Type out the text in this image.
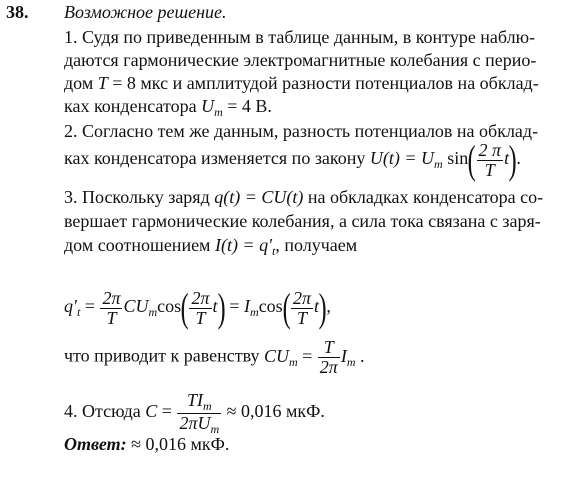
38. Возможное решение.
1. Судя по приведенным в таблице данным, в контуре наблю-
даются гармонические электромагнитные колебания с перио-
дом T = 8 мкс и амплитудой разности потенциалов на обклад-
ках конденсатора $U_m = 4$ В.
2. Согласно тем же данным, разность потенциалов на обклад-
ках конденсатора изменяется по закону $U(t) = U_m$ $\sin( \frac{2 \pi}{T} t)$.
3. Поскольку заряд q(t) = CU(t) на обкладках конденсатора со-
вершает гармонические колебания, а сила тока связана с заря-
дом соотношением $I(t) = q'_t$, получаем
$q'_t = \frac{2\pi}{T} CU_m\cos( \frac{2\pi}{T} t) = I_m\cos( \frac{2\pi}{T} t)$,
что приводит к равенству $CU_m = \frac{T}{2\pi} I_m$ .
4. Отсюда $C = \frac{TI_m}{2\pi U_m} \approx 0,016$ мкФ.
Ответ: ≈ 0,016 мкФ.
